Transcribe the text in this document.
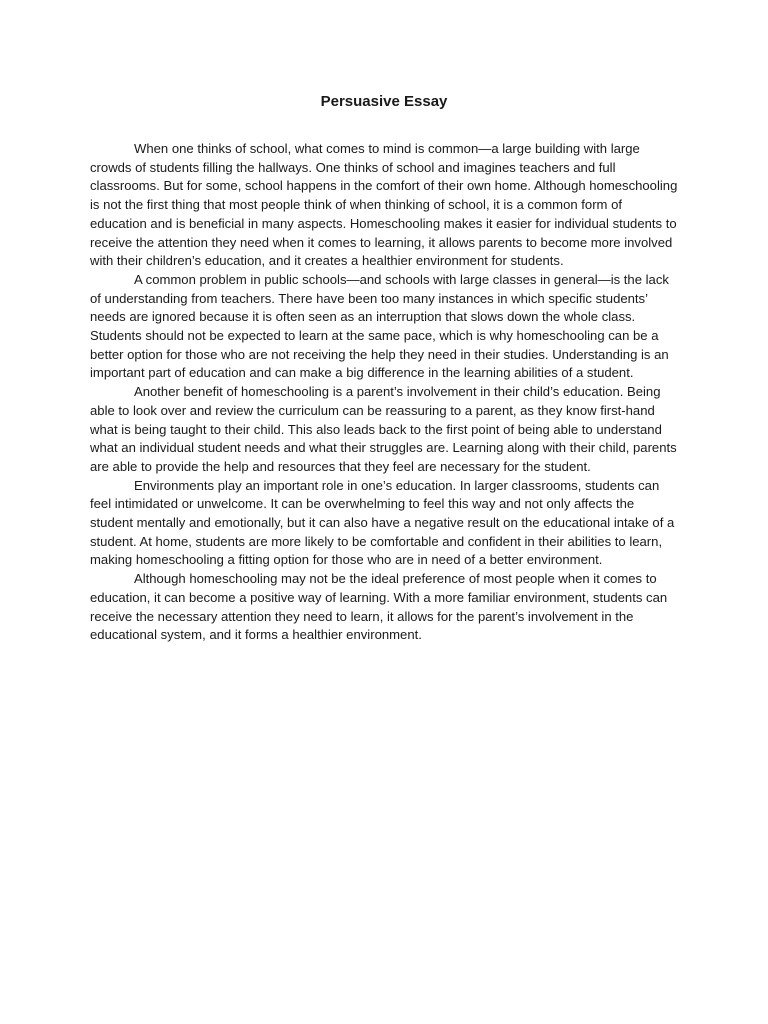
Persuasive Essay

When one thinks of school, what comes to mind is common—a large building with large crowds of students filling the hallways. One thinks of school and imagines teachers and full classrooms. But for some, school happens in the comfort of their own home. Although homeschooling is not the first thing that most people think of when thinking of school, it is a common form of education and is beneficial in many aspects. Homeschooling makes it easier for individual students to receive the attention they need when it comes to learning, it allows parents to become more involved with their children’s education, and it creates a healthier environment for students.

A common problem in public schools—and schools with large classes in general—is the lack of understanding from teachers. There have been too many instances in which specific students’ needs are ignored because it is often seen as an interruption that slows down the whole class. Students should not be expected to learn at the same pace, which is why homeschooling can be a better option for those who are not receiving the help they need in their studies. Understanding is an important part of education and can make a big difference in the learning abilities of a student.

Another benefit of homeschooling is a parent’s involvement in their child’s education. Being able to look over and review the curriculum can be reassuring to a parent, as they know first-hand what is being taught to their child. This also leads back to the first point of being able to understand what an individual student needs and what their struggles are. Learning along with their child, parents are able to provide the help and resources that they feel are necessary for the student.

Environments play an important role in one’s education. In larger classrooms, students can feel intimidated or unwelcome. It can be overwhelming to feel this way and not only affects the student mentally and emotionally, but it can also have a negative result on the educational intake of a student. At home, students are more likely to be comfortable and confident in their abilities to learn, making homeschooling a fitting option for those who are in need of a better environment.

Although homeschooling may not be the ideal preference of most people when it comes to education, it can become a positive way of learning. With a more familiar environment, students can receive the necessary attention they need to learn, it allows for the parent’s involvement in the educational system, and it forms a healthier environment.
